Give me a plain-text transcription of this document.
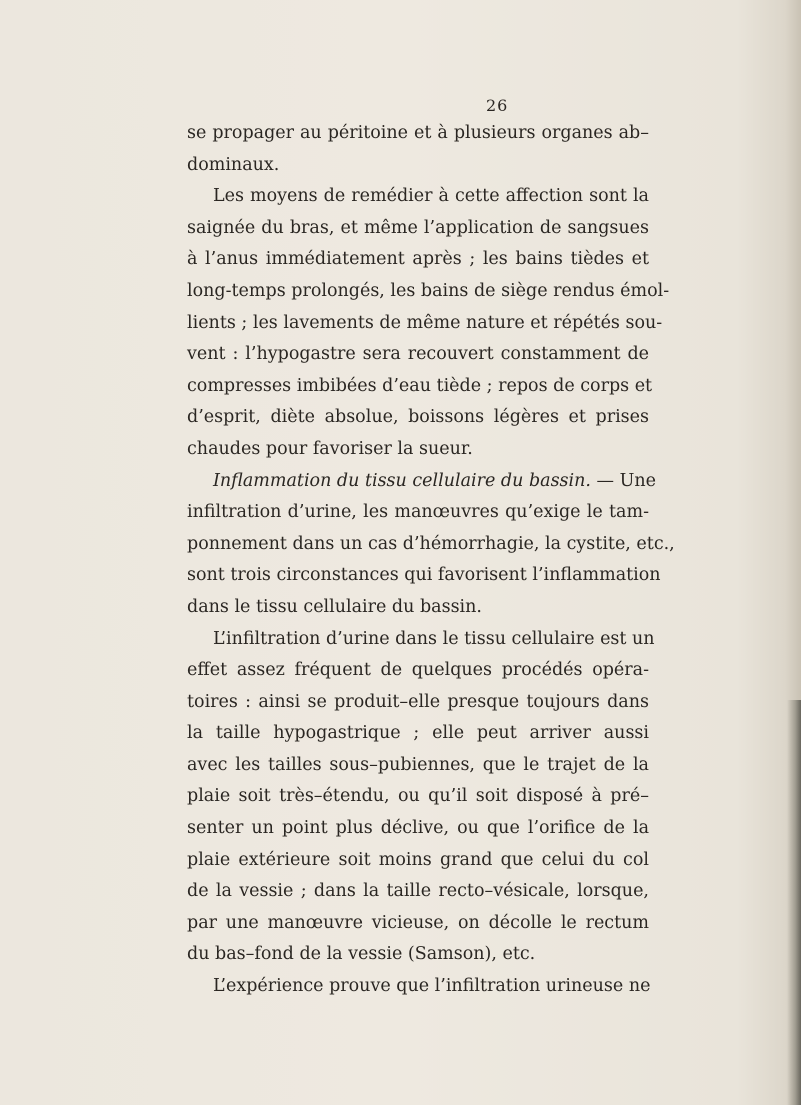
26
se propager au péritoine et à plusieurs organes ab–
dominaux.
Les moyens de remédier à cette affection sont la
saignée du bras, et même l’application de sangsues
à l’anus immédiatement après ; les bains tièdes et
long-temps prolongés, les bains de siège rendus émol-
lients ; les lavements de même nature et répétés sou-
vent : l’hypogastre sera recouvert constamment de
compresses imbibées d’eau tiède ; repos de corps et
d’esprit, diète absolue, boissons légères et prises
chaudes pour favoriser la sueur.
Inflammation du tissu cellulaire du bassin. — Une
infiltration d’urine, les manœuvres qu’exige le tam-
ponnement dans un cas d’hémorrhagie, la cystite, etc.,
sont trois circonstances qui favorisent l’inflammation
dans le tissu cellulaire du bassin.
L’infiltration d’urine dans le tissu cellulaire est un
effet assez fréquent de quelques procédés opéra-
toires : ainsi se produit–elle presque toujours dans
la taille hypogastrique ; elle peut arriver aussi
avec les tailles sous–pubiennes, que le trajet de la
plaie soit très–étendu, ou qu’il soit disposé à pré–
senter un point plus déclive, ou que l’orifice de la
plaie extérieure soit moins grand que celui du col
de la vessie ; dans la taille recto–vésicale, lorsque,
par une manœuvre vicieuse, on décolle le rectum
du bas–fond de la vessie (Samson), etc.
L’expérience prouve que l’infiltration urineuse ne
